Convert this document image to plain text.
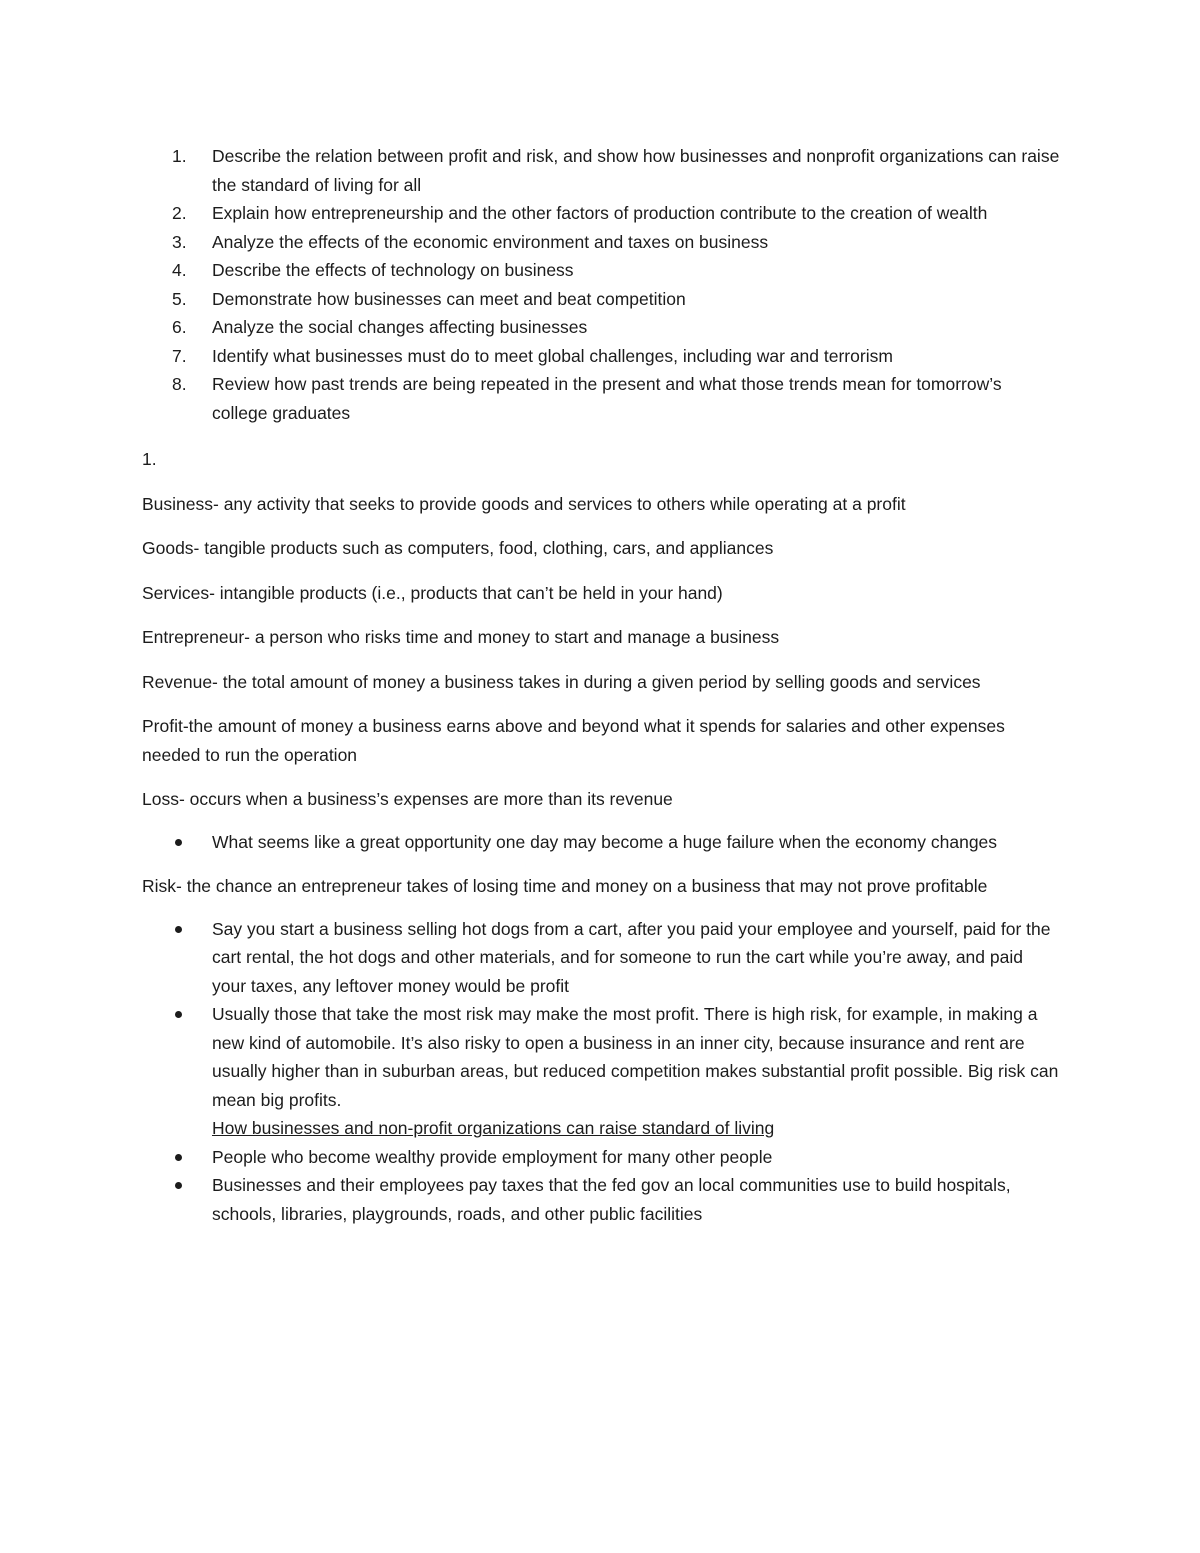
1. Describe the relation between profit and risk, and show how businesses and nonprofit organizations can raise the standard of living for all
2. Explain how entrepreneurship and the other factors of production contribute to the creation of wealth
3. Analyze the effects of the economic environment and taxes on business
4. Describe the effects of technology on business
5. Demonstrate how businesses can meet and beat competition
6. Analyze the social changes affecting businesses
7. Identify what businesses must do to meet global challenges, including war and terrorism
8. Review how past trends are being repeated in the present and what those trends mean for tomorrow’s college graduates
1.

Business- any activity that seeks to provide goods and services to others while operating at a profit

Goods- tangible products such as computers, food, clothing, cars, and appliances

Services- intangible products (i.e., products that can’t be held in your hand)

Entrepreneur- a person who risks time and money to start and manage a business

Revenue- the total amount of money a business takes in during a given period by selling goods and services

Profit-the amount of money a business earns above and beyond what it spends for salaries and other expenses needed to run the operation

Loss- occurs when a business’s expenses are more than its revenue

What seems like a great opportunity one day may become a huge failure when the economy changes

Risk- the chance an entrepreneur takes of losing time and money on a business that may not prove profitable

Say you start a business selling hot dogs from a cart, after you paid your employee and yourself, paid for the cart rental, the hot dogs and other materials, and for someone to run the cart while you’re away, and paid your taxes, any leftover money would be profit
Usually those that take the most risk may make the most profit. There is high risk, for example, in making a new kind of automobile. It’s also risky to open a business in an inner city, because insurance and rent are usually higher than in suburban areas, but reduced competition makes substantial profit possible. Big risk can mean big profits.
How businesses and non-profit organizations can raise standard of living
People who become wealthy provide employment for many other people
Businesses and their employees pay taxes that the fed gov an local communities use to build hospitals, schools, libraries, playgrounds, roads, and other public facilities
